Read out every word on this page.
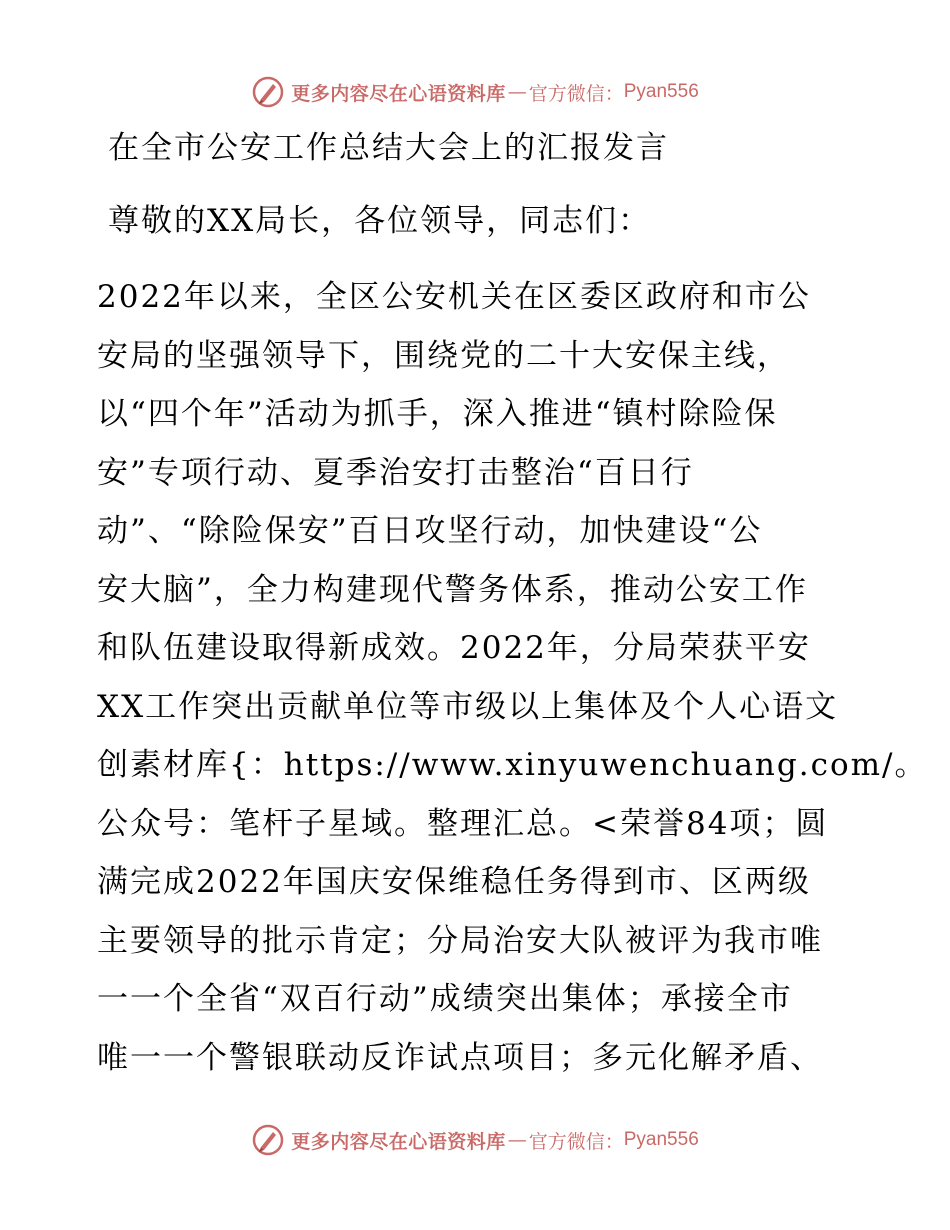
更多内容尽在心语资料库 — 官方微信： Pyan556
在全市公安工作总结大会上的汇报发言

尊敬的XX局长，各位领导，同志们：

2022年以来，全区公安机关在区委区政府和市公
安局的坚强领导下，围绕党的二十大安保主线，
以“四个年”活动为抓手，深入推进“镇村除险保
安”专项行动、夏季治安打击整治“百日行
动”、“除险保安”百日攻坚行动，加快建设“公
安大脑”，全力构建现代警务体系，推动公安工作
和队伍建设取得新成效。2022年，分局荣获平安
XX工作突出贡献单位等市级以上集体及个人心语文
创素材库{：https://www.xinyuwenchuang.com/。
公众号：笔杆子星域。整理汇总。<荣誉84项；圆
满完成2022年国庆安保维稳任务得到市、区两级
主要领导的批示肯定；分局治安大队被评为我市唯
一一个全省“双百行动”成绩突出集体；承接全市
唯一一个警银联动反诈试点项目；多元化解矛盾、
更多内容尽在心语资料库 — 官方微信： Pyan556
